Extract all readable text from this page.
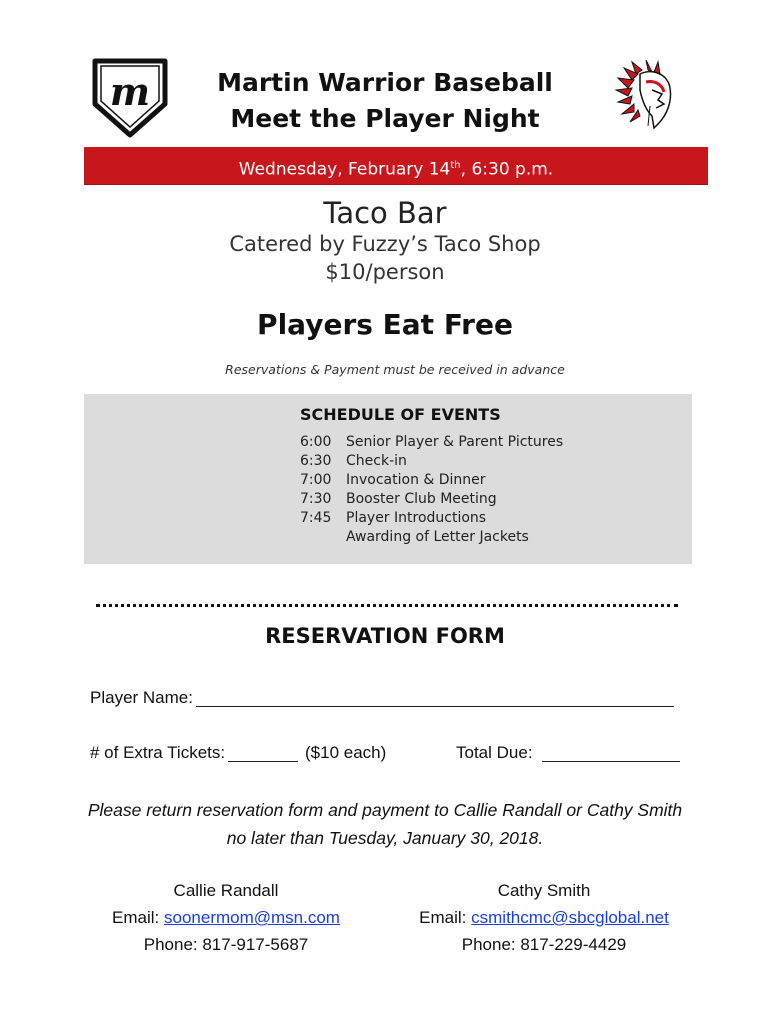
m	Martin Warrior Baseball
Meet the Player Night
Wednesday, February 14th, 6:30 p.m.
Taco Bar
Catered by Fuzzy’s Taco Shop
$10/person
Players Eat Free
Reservations & Payment must be received in advance
SCHEDULE OF EVENTS
6:00 Senior Player & Parent Pictures
6:30 Check-in
7:00 Invocation & Dinner
7:30 Booster Club Meeting
7:45 Player Introductions
Awarding of Letter Jackets
RESERVATION FORM
Player Name:
# of Extra Tickets:	($10 each)	Total Due:
Please return reservation form and payment to Callie Randall or Cathy Smith no later than Tuesday, January 30, 2018.
Callie Randall
Email: soonermom@msn.com
Phone: 817-917-5687
Cathy Smith
Email: csmithcmc@sbcglobal.net
Phone: 817-229-4429
